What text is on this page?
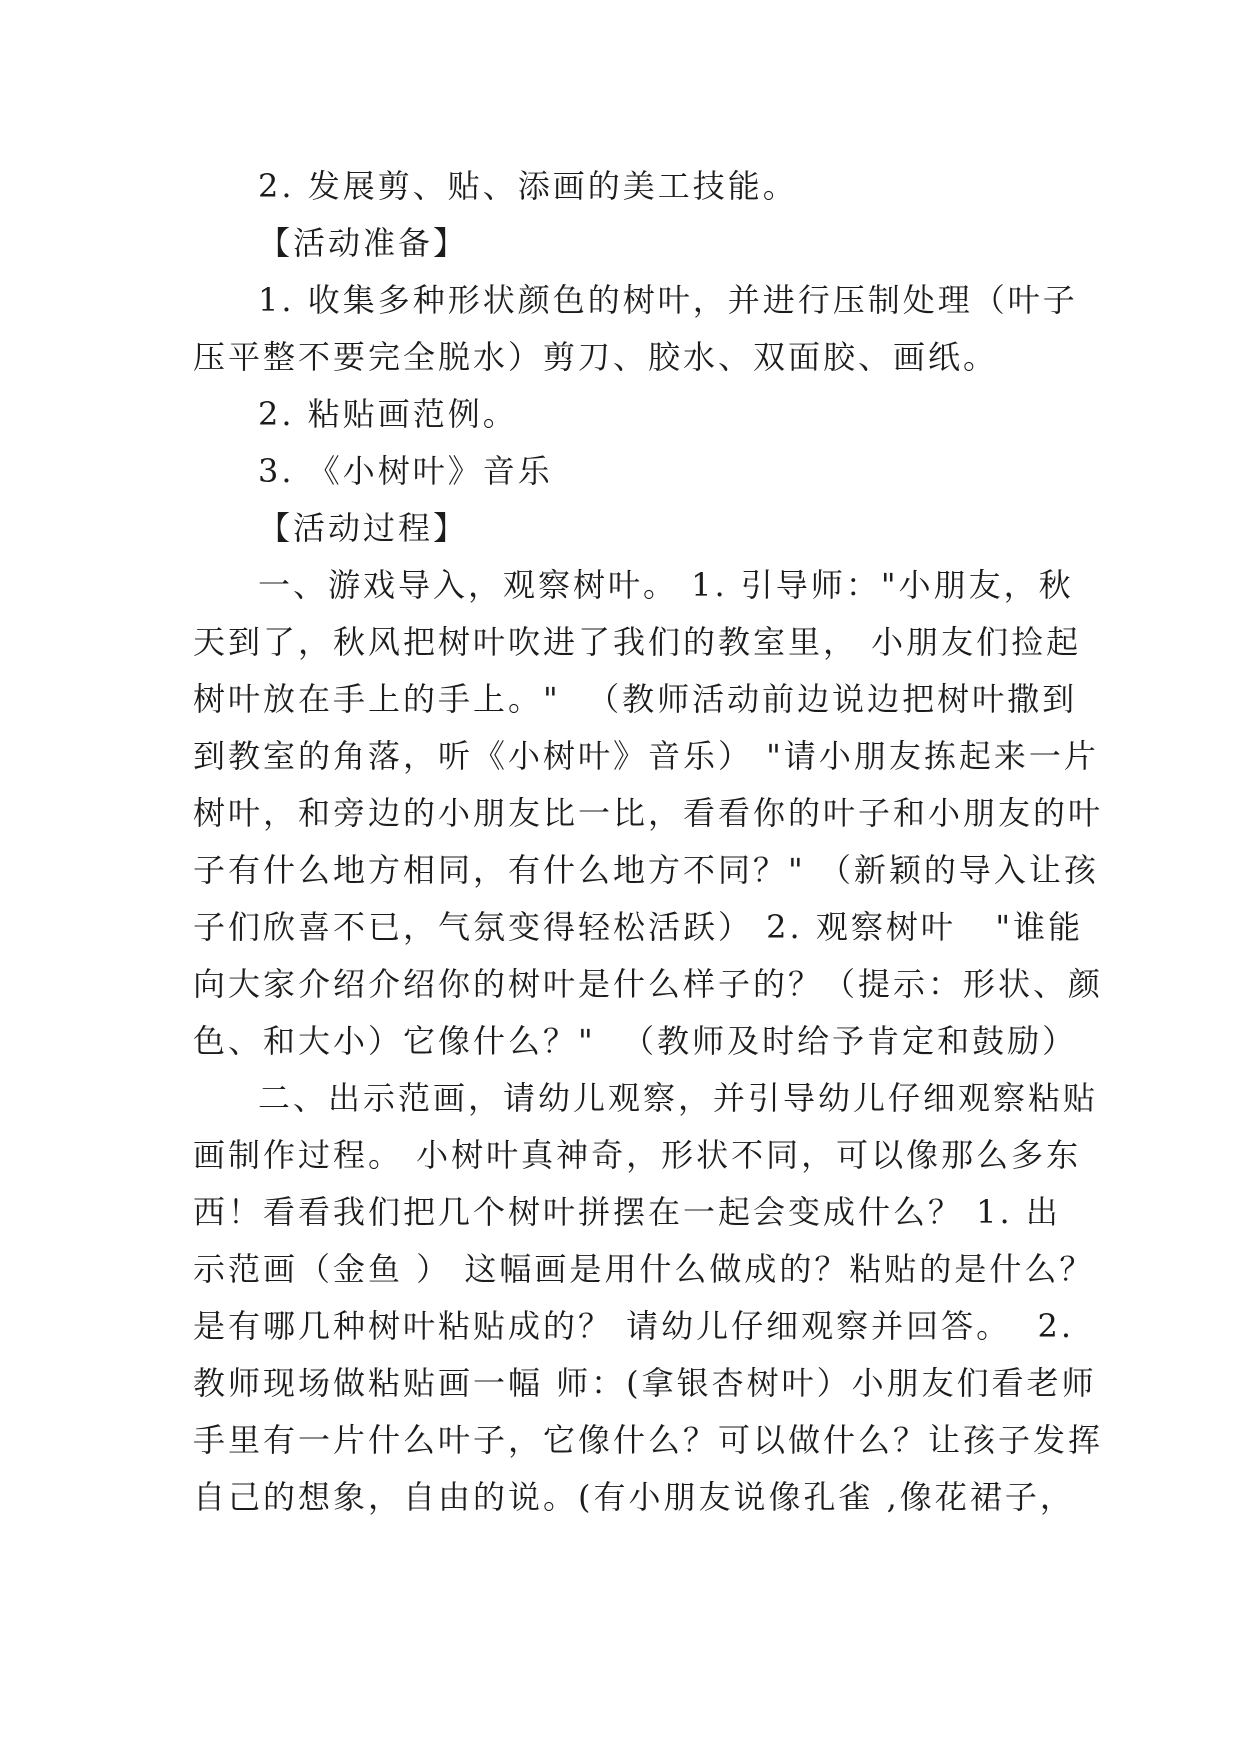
2. 发展剪、贴、添画的美工技能。
【活动准备】
1. 收集多种形状颜色的树叶，并进行压制处理（叶子
压平整不要完全脱水）剪刀、胶水、双面胶、画纸。
2. 粘贴画范例。
3. 《小树叶》音乐
【活动过程】
一、游戏导入，观察树叶。 1. 引导师："小朋友，秋
天到了，秋风把树叶吹进了我们的教室里， 小朋友们捡起
树叶放在手上的手上。"  （教师活动前边说边把树叶撒到
到教室的角落，听《小树叶》音乐） "请小朋友拣起来一片
树叶，和旁边的小朋友比一比，看看你的叶子和小朋友的叶
子有什么地方相同，有什么地方不同？" （新颖的导入让孩
子们欣喜不已，气氛变得轻松活跃） 2. 观察树叶   "谁能
向大家介绍介绍你的树叶是什么样子的？（提示：形状、颜
色、和大小）它像什么？"  （教师及时给予肯定和鼓励）
二、出示范画，请幼儿观察，并引导幼儿仔细观察粘贴
画制作过程。 小树叶真神奇，形状不同，可以像那么多东
西！看看我们把几个树叶拼摆在一起会变成什么？ 1. 出
示范画（金鱼 ） 这幅画是用什么做成的？粘贴的是什么？
是有哪几种树叶粘贴成的？ 请幼儿仔细观察并回答。  2.
教师现场做粘贴画一幅 师：(拿银杏树叶）小朋友们看老师
手里有一片什么叶子，它像什么？可以做什么？让孩子发挥
自己的想象，自由的说。(有小朋友说像孔雀 ,像花裙子，
